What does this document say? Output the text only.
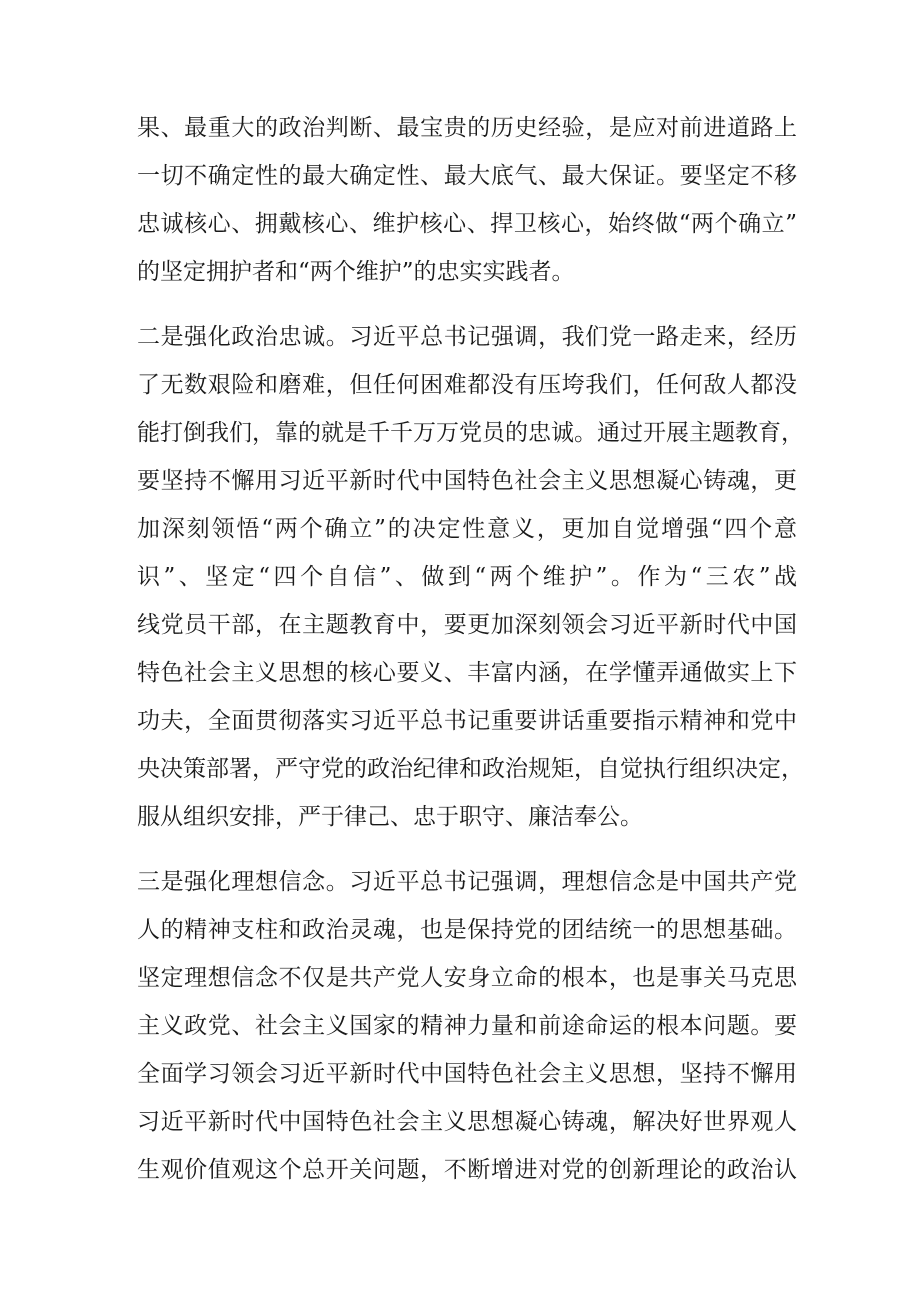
果、最重大的政治判断、最宝贵的历史经验，是应对前进道路上
一切不确定性的最大确定性、最大底气、最大保证。要坚定不移
忠诚核心、拥戴核心、维护核心、捍卫核心，始终做“两个确立”
的坚定拥护者和“两个维护”的忠实实践者。

二是强化政治忠诚。习近平总书记强调，我们党一路走来，经历
了无数艰险和磨难，但任何困难都没有压垮我们，任何敌人都没
能打倒我们，靠的就是千千万万党员的忠诚。通过开展主题教育，
要坚持不懈用习近平新时代中国特色社会主义思想凝心铸魂，更
加深刻领悟“两个确立”的决定性意义，更加自觉增强“四个意
识”、坚定“四个自信”、做到“两个维护”。作为“三农”战
线党员干部，在主题教育中，要更加深刻领会习近平新时代中国
特色社会主义思想的核心要义、丰富内涵，在学懂弄通做实上下
功夫，全面贯彻落实习近平总书记重要讲话重要指示精神和党中
央决策部署，严守党的政治纪律和政治规矩，自觉执行组织决定，
服从组织安排，严于律己、忠于职守、廉洁奉公。

三是强化理想信念。习近平总书记强调，理想信念是中国共产党
人的精神支柱和政治灵魂，也是保持党的团结统一的思想基础。
坚定理想信念不仅是共产党人安身立命的根本，也是事关马克思
主义政党、社会主义国家的精神力量和前途命运的根本问题。要
全面学习领会习近平新时代中国特色社会主义思想，坚持不懈用
习近平新时代中国特色社会主义思想凝心铸魂，解决好世界观人
生观价值观这个总开关问题，不断增进对党的创新理论的政治认
